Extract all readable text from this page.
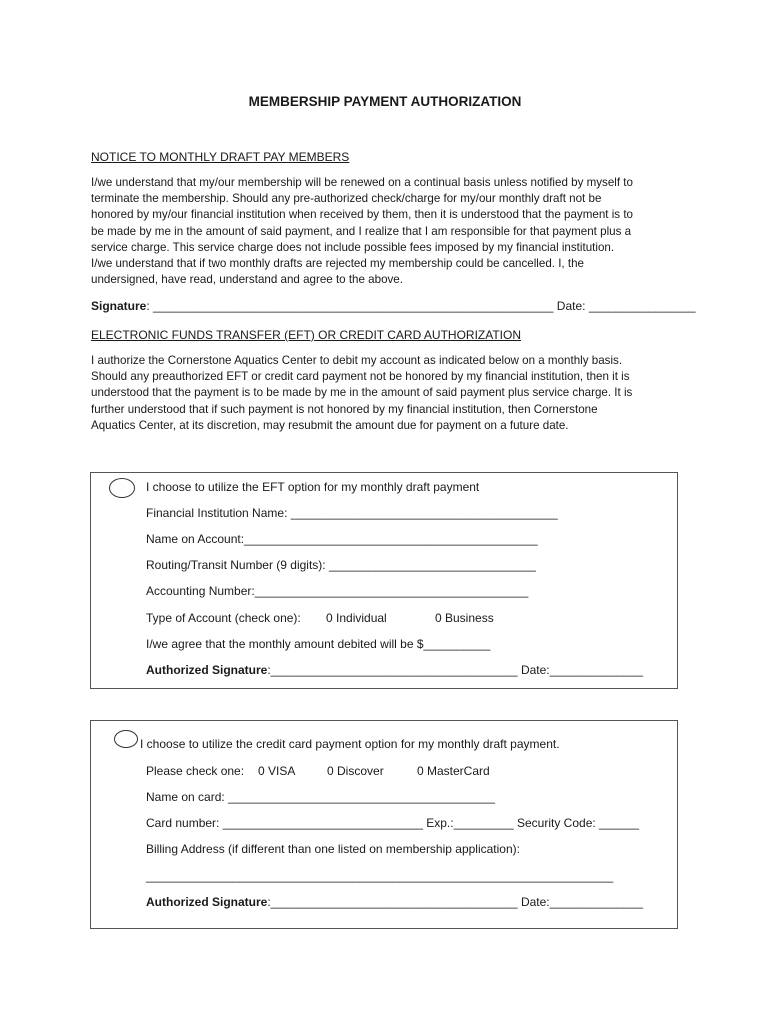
MEMBERSHIP PAYMENT AUTHORIZATION
NOTICE TO MONTHLY DRAFT PAY MEMBERS
I/we understand that my/our membership will be renewed on a continual basis unless notified by myself to
terminate the membership. Should any pre-authorized check/charge for my/our monthly draft not be
honored by my/our financial institution when received by them, then it is understood that the payment is to
be made by me in the amount of said payment, and I realize that I am responsible for that payment plus a
service charge. This service charge does not include possible fees imposed by my financial institution.
I/we understand that if two monthly drafts are rejected my membership could be cancelled. I, the
undersigned, have read, understand and agree to the above.
Signature: ____________________________________________________________ Date: ________________
ELECTRONIC FUNDS TRANSFER (EFT) OR CREDIT CARD AUTHORIZATION
I authorize the Cornerstone Aquatics Center to debit my account as indicated below on a monthly basis.
Should any preauthorized EFT or credit card payment not be honored by my financial institution, then it is
understood that the payment is to be made by me in the amount of said payment plus service charge. It is
further understood that if such payment is not honored by my financial institution, then Cornerstone
Aquatics Center, at its discretion, may resubmit the amount due for payment on a future date.
I choose to utilize the EFT option for my monthly draft payment
Financial Institution Name: ________________________________________
Name on Account:____________________________________________
Routing/Transit Number (9 digits): _______________________________
Accounting Number:_________________________________________
Type of Account (check one): 0 Individual	0 Business
I/we agree that the monthly amount debited will be $__________
Authorized Signature:_____________________________________ Date:______________
I choose to utilize the credit card payment option for my monthly draft payment.
Please check one: 0 VISA	0 Discover	0 MasterCard
Name on card: ________________________________________
Card number: ______________________________ Exp.:_________ Security Code: ______
Billing Address (if different than one listed on membership application):
______________________________________________________________________
Authorized Signature:_____________________________________ Date:______________
